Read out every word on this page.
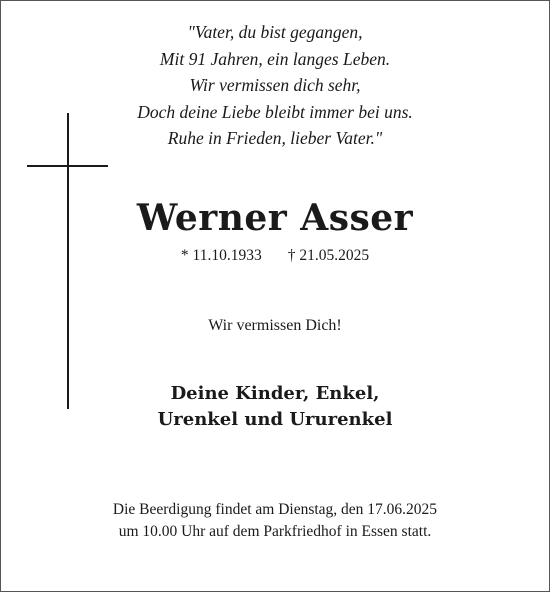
"Vater, du bist gegangen,
Mit 91 Jahren, ein langes Leben.
Wir vermissen dich sehr,
Doch deine Liebe bleibt immer bei uns.
Ruhe in Frieden, lieber Vater."
Werner Asser
* 11.10.1933 † 21.05.2025
Wir vermissen Dich!
Deine Kinder, Enkel,
Urenkel und Ururenkel
Die Beerdigung findet am Dienstag, den 17.06.2025
um 10.00 Uhr auf dem Parkfriedhof in Essen statt.
